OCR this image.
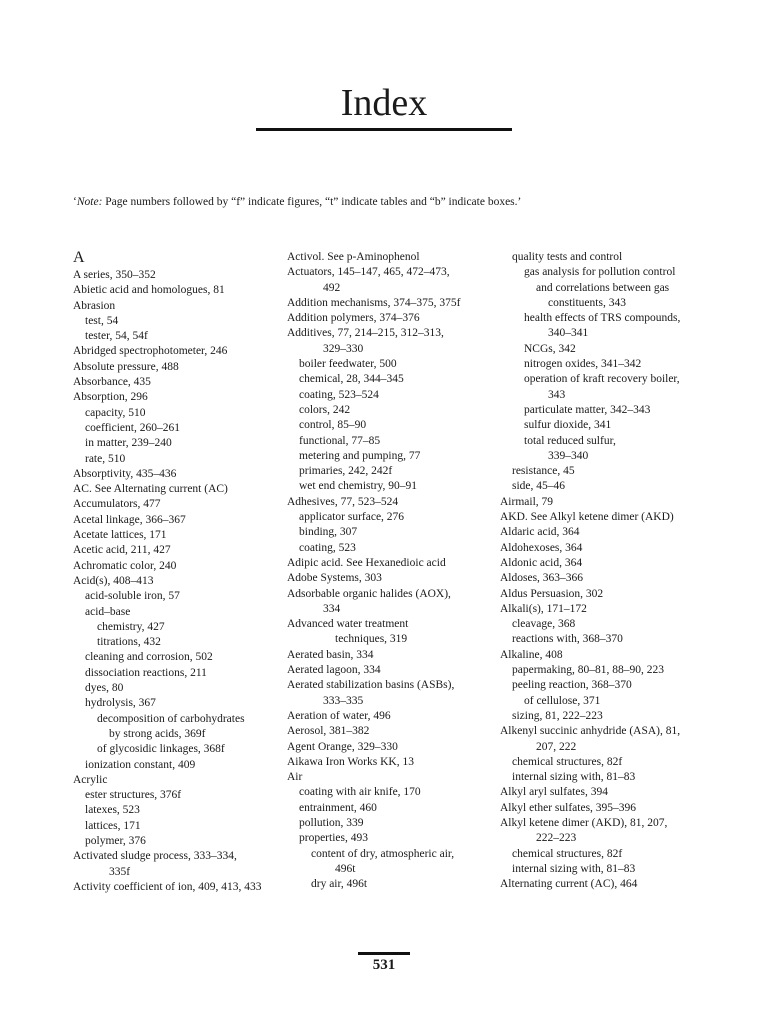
Index
‘Note: Page numbers followed by “f” indicate figures, “t” indicate tables and “b” indicate boxes.’
A
A series, 350–352
Abietic acid and homologues, 81
Abrasion
test, 54
tester, 54, 54f
Abridged spectrophotometer, 246
Absolute pressure, 488
Absorbance, 435
Absorption, 296
capacity, 510
coefficient, 260–261
in matter, 239–240
rate, 510
Absorptivity, 435–436
AC. See Alternating current (AC)
Accumulators, 477
Acetal linkage, 366–367
Acetate lattices, 171
Acetic acid, 211, 427
Achromatic color, 240
Acid(s), 408–413
acid-soluble iron, 57
acid–base
chemistry, 427
titrations, 432
cleaning and corrosion, 502
dissociation reactions, 211
dyes, 80
hydrolysis, 367
decomposition of carbohydrates
by strong acids, 369f
of glycosidic linkages, 368f
ionization constant, 409
Acrylic
ester structures, 376f
latexes, 523
lattices, 171
polymer, 376
Activated sludge process, 333–334,
335f
Activity coefficient of ion, 409, 413, 433
Activol. See p-Aminophenol
Actuators, 145–147, 465, 472–473,
492
Addition mechanisms, 374–375, 375f
Addition polymers, 374–376
Additives, 77, 214–215, 312–313,
329–330
boiler feedwater, 500
chemical, 28, 344–345
coating, 523–524
colors, 242
control, 85–90
functional, 77–85
metering and pumping, 77
primaries, 242, 242f
wet end chemistry, 90–91
Adhesives, 77, 523–524
applicator surface, 276
binding, 307
coating, 523
Adipic acid. See Hexanedioic acid
Adobe Systems, 303
Adsorbable organic halides (AOX),
334
Advanced water treatment
techniques, 319
Aerated basin, 334
Aerated lagoon, 334
Aerated stabilization basins (ASBs),
333–335
Aeration of water, 496
Aerosol, 381–382
Agent Orange, 329–330
Aikawa Iron Works KK, 13
Air
coating with air knife, 170
entrainment, 460
pollution, 339
properties, 493
content of dry, atmospheric air,
496t
dry air, 496t
quality tests and control
gas analysis for pollution control
and correlations between gas
constituents, 343
health effects of TRS compounds,
340–341
NCGs, 342
nitrogen oxides, 341–342
operation of kraft recovery boiler,
343
particulate matter, 342–343
sulfur dioxide, 341
total reduced sulfur,
339–340
resistance, 45
side, 45–46
Airmail, 79
AKD. See Alkyl ketene dimer (AKD)
Aldaric acid, 364
Aldohexoses, 364
Aldonic acid, 364
Aldoses, 363–366
Aldus Persuasion, 302
Alkali(s), 171–172
cleavage, 368
reactions with, 368–370
Alkaline, 408
papermaking, 80–81, 88–90, 223
peeling reaction, 368–370
of cellulose, 371
sizing, 81, 222–223
Alkenyl succinic anhydride (ASA), 81,
207, 222
chemical structures, 82f
internal sizing with, 81–83
Alkyl aryl sulfates, 394
Alkyl ether sulfates, 395–396
Alkyl ketene dimer (AKD), 81, 207,
222–223
chemical structures, 82f
internal sizing with, 81–83
Alternating current (AC), 464
531
